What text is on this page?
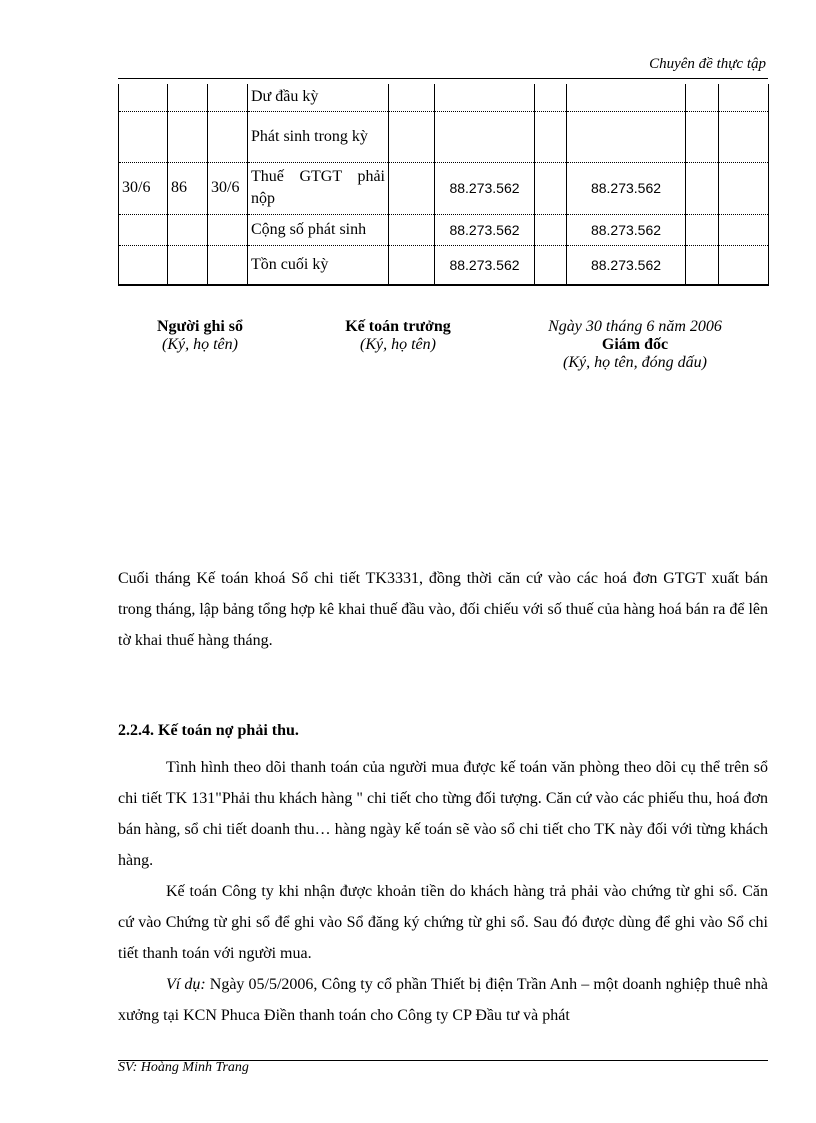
Chuyên đề thực tập
			Dư đầu kỳ						
			Phát sinh trong kỳ						
30/6	86	30/6	Thuế GTGT phải nộp		88.273.562		88.273.562		
			Cộng số phát sinh		88.273.562		88.273.562		
			Tồn cuối kỳ		88.273.562		88.273.562		
Người ghi sổ
(Ký, họ tên)
Kế toán trưởng
(Ký, họ tên)
Ngày 30 tháng 6 năm 2006
Giám đốc
(Ký, họ tên, đóng dấu)
Cuối tháng Kế toán khoá Sổ chi tiết TK3331, đồng thời căn cứ vào các hoá đơn GTGT xuất bán trong tháng, lập bảng tổng hợp kê khai thuế đầu vào, đối chiếu với số thuế của hàng hoá bán ra để lên tờ khai thuế hàng tháng.
2.2.4. Kế toán nợ phải thu.
Tình hình theo dõi thanh toán của người mua được kế toán văn phòng theo dõi cụ thể trên sổ chi tiết TK 131"Phải thu khách hàng " chi tiết cho từng đối tượng. Căn cứ vào các phiếu thu, hoá đơn bán hàng, sổ chi tiết doanh thu… hàng ngày kế toán sẽ vào sổ chi tiết cho TK này đối với từng khách hàng.
Kế toán Công ty khi nhận được khoản tiền do khách hàng trả phải vào chứng từ ghi sổ. Căn cứ vào Chứng từ ghi sổ để ghi vào Sổ đăng ký chứng từ ghi sổ. Sau đó được dùng để ghi vào Sổ chi tiết thanh toán với người mua.
Ví dụ: Ngày 05/5/2006, Công ty cổ phần Thiết bị điện Trần Anh – một doanh nghiệp thuê nhà xưởng tại KCN Phuca Điền thanh toán cho Công ty CP Đầu tư và phát
SV: Hoàng Minh Trang
